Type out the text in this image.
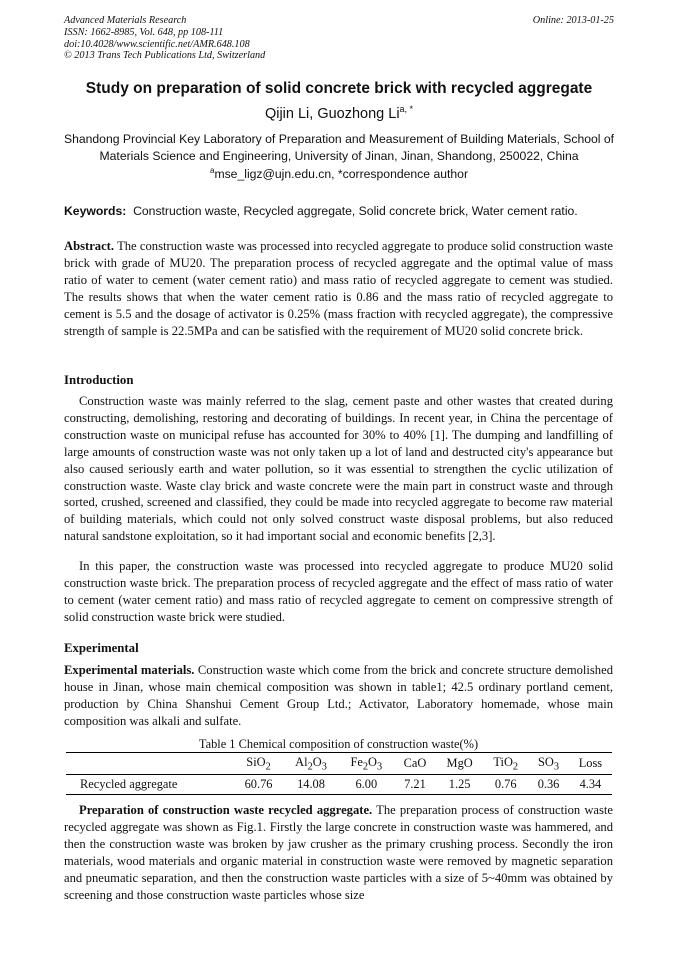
Advanced Materials Research
ISSN: 1662-8985, Vol. 648, pp 108-111
doi:10.4028/www.scientific.net/AMR.648.108
© 2013 Trans Tech Publications Ltd, Switzerland
Online: 2013-01-25
Study on preparation of solid concrete brick with recycled aggregate
Qijin Li, Guozhong $Li^{a, *}$
Shandong Provincial Key Laboratory of Preparation and Measurement of Building Materials, School of Materials Science and Engineering, University of Jinan, Jinan, Shandong, 250022, China
$^a$mse_ligz@ujn.edu.cn, *correspondence author
Keywords: Construction waste, Recycled aggregate, Solid concrete brick, Water cement ratio.

Abstract. The construction waste was processed into recycled aggregate to produce solid construction waste brick with grade of MU20. The preparation process of recycled aggregate and the optimal value of mass ratio of water to cement (water cement ratio) and mass ratio of recycled aggregate to cement was studied. The results shows that when the water cement ratio is 0.86 and the mass ratio of recycled aggregate to cement is 5.5 and the dosage of activator is 0.25% (mass fraction with recycled aggregate), the compressive strength of sample is 22.5MPa and can be satisfied with the requirement of MU20 solid concrete brick.

Introduction

Construction waste was mainly referred to the slag, cement paste and other wastes that created during constructing, demolishing, restoring and decorating of buildings. In recent year, in China the percentage of construction waste on municipal refuse has accounted for 30% to 40% [1]. The dumping and landfilling of large amounts of construction waste was not only taken up a lot of land and destructed city's appearance but also caused seriously earth and water pollution, so it was essential to strengthen the cyclic utilization of construction waste. Waste clay brick and waste concrete were the main part in construct waste and through sorted, crushed, screened and classified, they could be made into recycled aggregate to become raw material of building materials, which could not only solved construct waste disposal problems, but also reduced natural sandstone exploitation, so it had important social and economic benefits [2,3].

In this paper, the construction waste was processed into recycled aggregate to produce MU20 solid construction waste brick. The preparation process of recycled aggregate and the effect of mass ratio of water to cement (water cement ratio) and mass ratio of recycled aggregate to cement on compressive strength of solid construction waste brick were studied.

Experimental

Experimental materials. Construction waste which come from the brick and concrete structure demolished house in Jinan, whose main chemical composition was shown in table1; 42.5 ordinary portland cement, production by China Shanshui Cement Group Ltd.; Activator, Laboratory homemade, whose main composition was alkali and sulfate.

Table 1 Chemical composition of construction waste(%)
	SiO$_2$	$Al_2O_3$	$Fe_2O_3$	CaO	MgO	TiO$_2$	$SO_3$	Loss
Recycled aggregate	60.76	14.08	6.00	7.21	1.25	0.76	0.36	4.34

Preparation of construction waste recycled aggregate. The preparation process of construction waste recycled aggregate was shown as Fig.1. Firstly the large concrete in construction waste was hammered, and then the construction waste was broken by jaw crusher as the primary crushing process. Secondly the iron materials, wood materials and organic material in construction waste were removed by magnetic separation and pneumatic separation, and then the construction waste particles with a size of 5~40mm was obtained by screening and those construction waste particles whose size
